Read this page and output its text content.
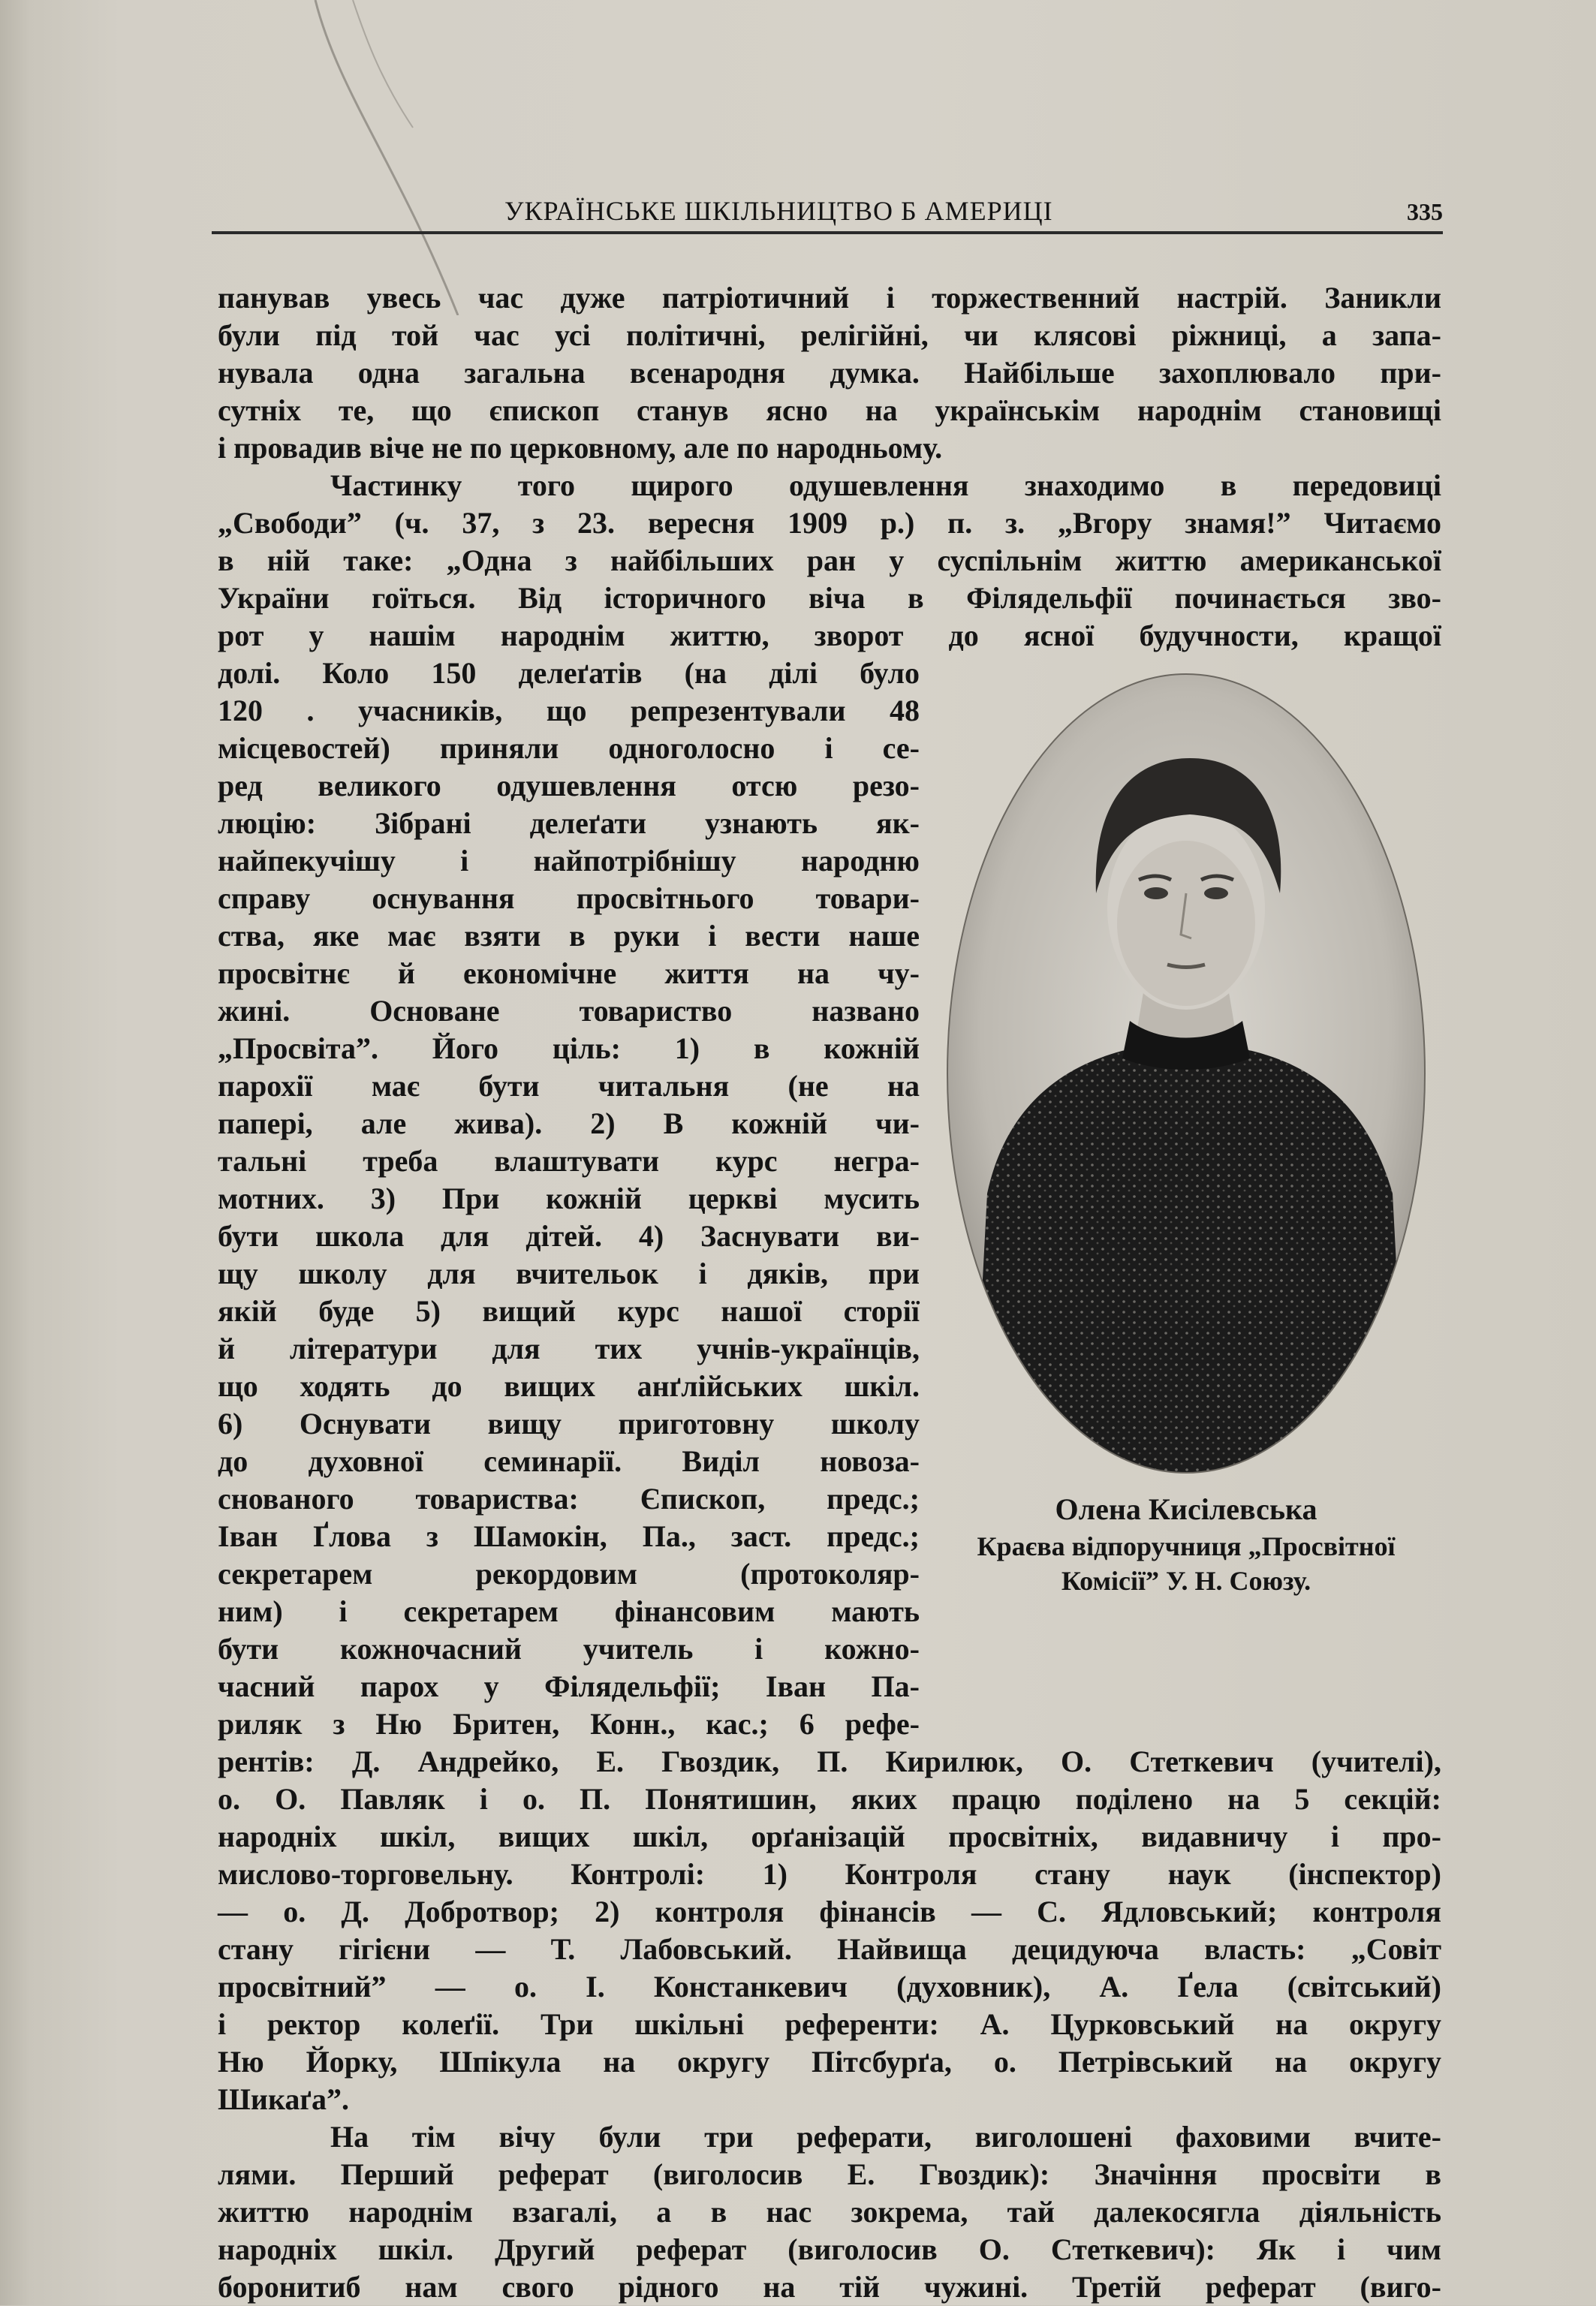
УКРАЇНСЬКЕ ШКІЛЬНИЦТВО Б АМЕРИЦІ	335
панував увесь час дуже патріотичний і торжественний настрій. Заникли
були під той час усі політичні, релігійні, чи клясові ріжниці, а запа-
нувала одна загальна всенародня думка. Найбільше захоплювало при-
сутніх те, що єпископ станув ясно на українськім народнім становищі
і провадив віче не по церковному, але по народньому.
Частинку того щирого одушевлення знаходимо в передовиці
„Свободи” (ч. 37, з 23. вересня 1909 р.) п. з. „Вгору знамя!” Читаємо
в ній таке: „Одна з найбільших ран у суспільнім життю американської
України гоїться. Від історичного віча в Філядельфії починається зво-
рот у нашім народнім життю, зворот до ясної будучности, кращої
долі. Коло 150 делеґатів (на ділі було
120 . учасників, що репрезентували 48
місцевостей) приняли одноголосно і се-
ред великого одушевлення отсю резо-
люцію: Зібрані делеґати узнають як-
найпекучішу і найпотрібнішу народню
справу оснування просвітнього товари-
ства, яке має взяти в руки і вести наше
просвітнє й економічне життя на чу-
жині. Основане товариство названо
„Просвіта”. Його ціль: 1) в кожній
парохії має бути читальня (не на
папері, але жива). 2) В кожній чи-
тальні треба влаштувати курс негра-
мотних. 3) При кожній церкві мусить
бути школа для дітей. 4) Заснувати ви-
щу школу для вчительок і дяків, при
якій буде 5) вищий курс нашої сторії
й літератури для тих учнів-українців,
що ходять до вищих анґлійських шкіл.
6) Оснувати вищу приготовну школу
до духовної семинарії. Виділ новоза-
снованого товариства: Єпископ, предс.;
Іван Ґлова з Шамокін, Па., заст. предс.;
секретарем рекордовим (протоколяр-
ним) і секретарем фінансовим мають
бути кожночасний учитель і кожно-
часний парох у Філядельфії; Іван Па-
риляк з Ню Бритен, Конн., кас.; 6 рефе-
Олена Кисілевська
Краєва відпоручниця „Просвітної
Комісії” У. Н. Союзу.
рентів: Д. Андрейко, Е. Гвоздик, П. Кирилюк, О. Стеткевич (учителі),
о. О. Павляк і о. П. Понятишин, яких працю поділено на 5 секцій:
народніх шкіл, вищих шкіл, орґанізацій просвітніх, видавничу і про-
мислово-торговельну. Контролі: 1) Контроля стану наук (інспектор)
— о. Д. Добротвор; 2) контроля фінансів — С. Ядловський; контроля
стану гігієни — Т. Лабовський. Найвища децидуюча власть: „Совіт
просвітний” — о. І. Констанкевич (духовник), А. Ґела (світський)
і ректор колеґії. Три шкільні референти: А. Цурковський на округу
Ню Йорку, Шпікула на округу Пітсбурґа, о. Петрівський на округу
Шикаґа”.
На тім вічу були три реферати, виголошені фаховими вчите-
лями. Перший реферат (виголосив Е. Гвоздик): Значіння просвіти в
життю народнім взагалі, а в нас зокрема, тай далекосягла діяльність
народніх шкіл. Другий реферат (виголосив О. Стеткевич): Як і чим
боронитиб нам свого рідного на тій чужині. Третій реферат (виго-
